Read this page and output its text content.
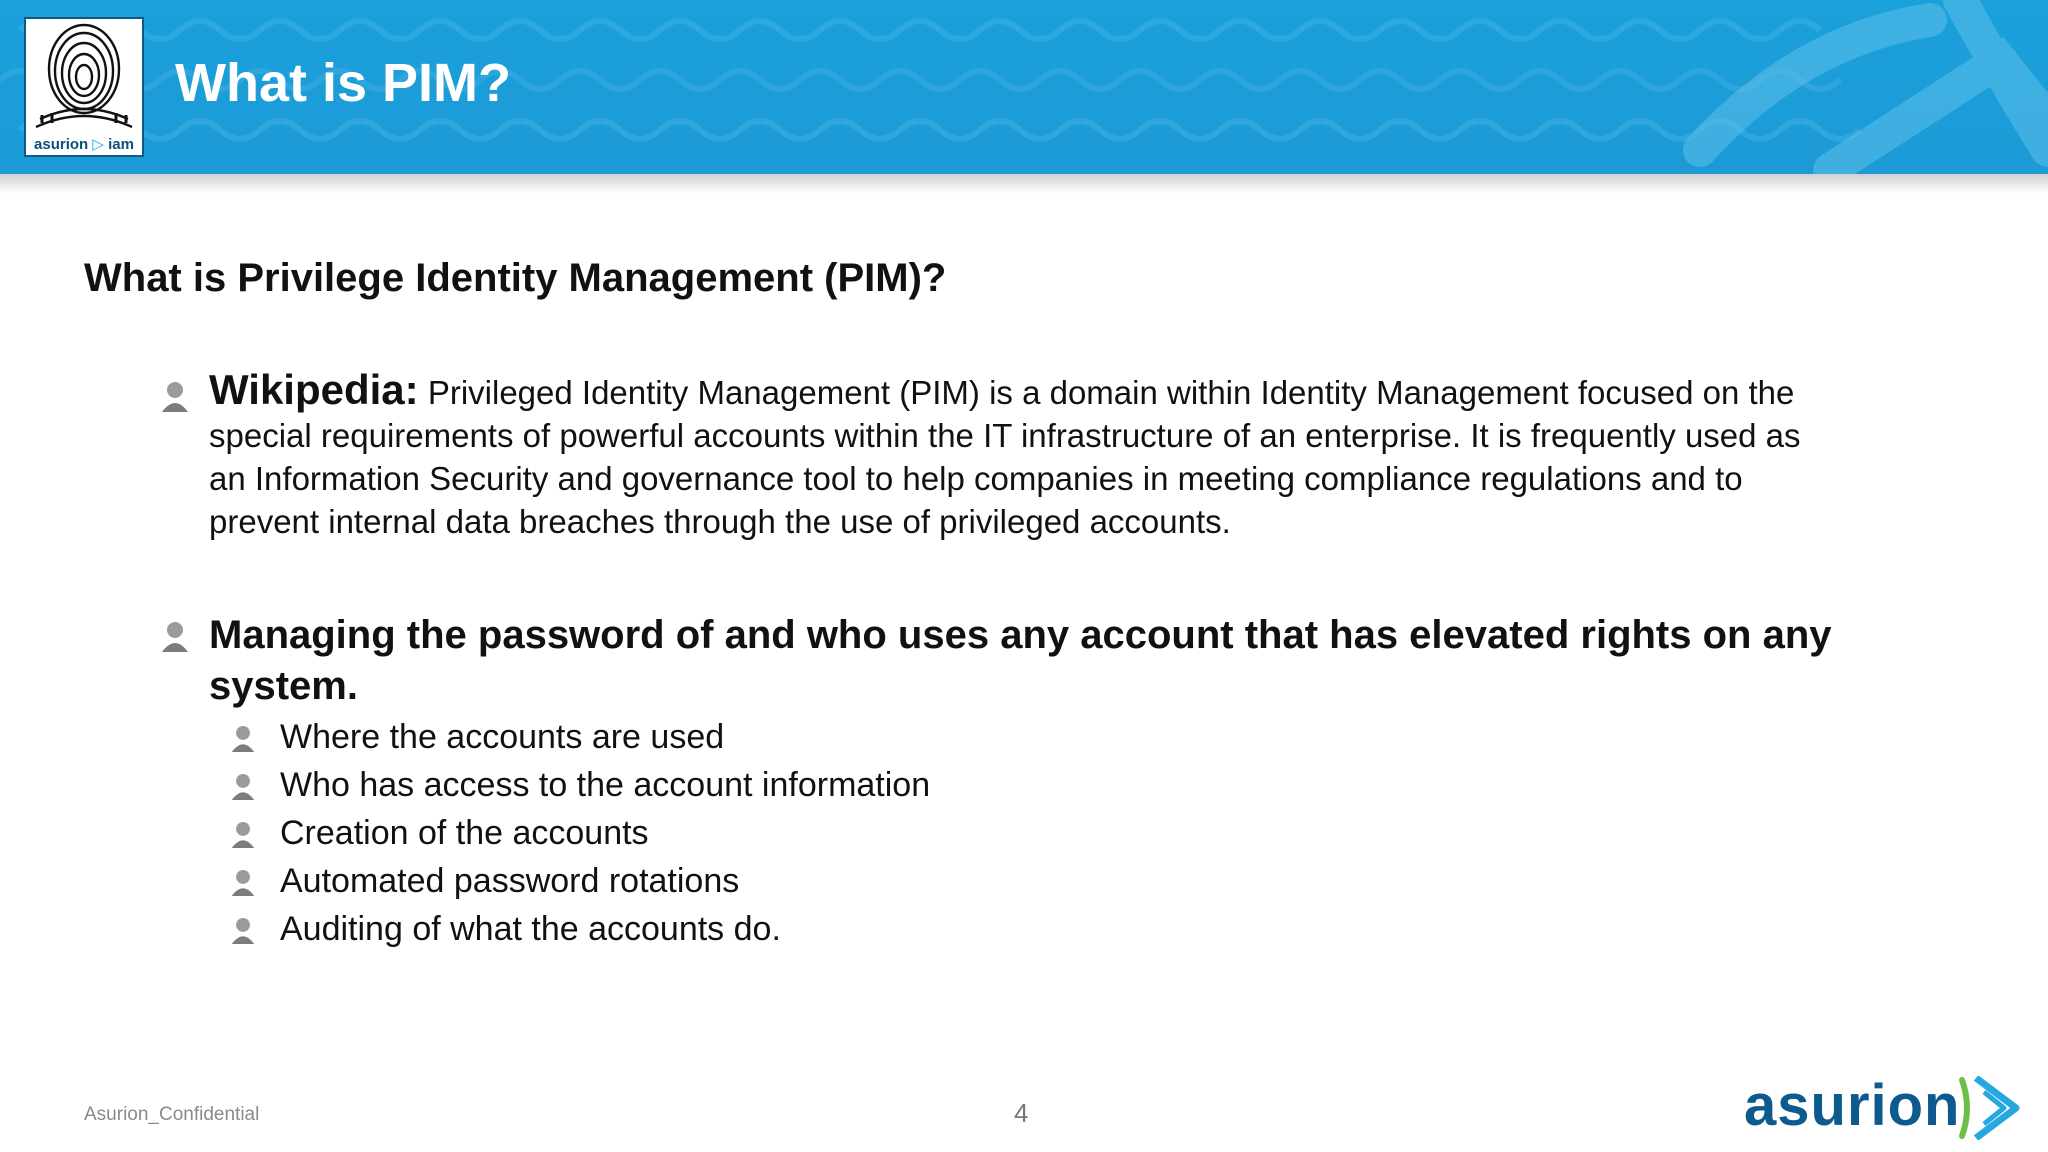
asurion ▷ iam
What is PIM?
What is Privilege Identity Management (PIM)?
Wikipedia: Privileged Identity Management (PIM) is a domain within Identity Management focused on the
special requirements of powerful accounts within the IT infrastructure of an enterprise. It is frequently used as
an Information Security and governance tool to help companies in meeting compliance regulations and to
prevent internal data breaches through the use of privileged accounts.

Managing the password of and who uses any account that has elevated rights on any

system.

Where the accounts are used
Who has access to the account information
Creation of the accounts
Automated password rotations
Auditing of what the accounts do.
Asurion_Confidential	4	asurion
